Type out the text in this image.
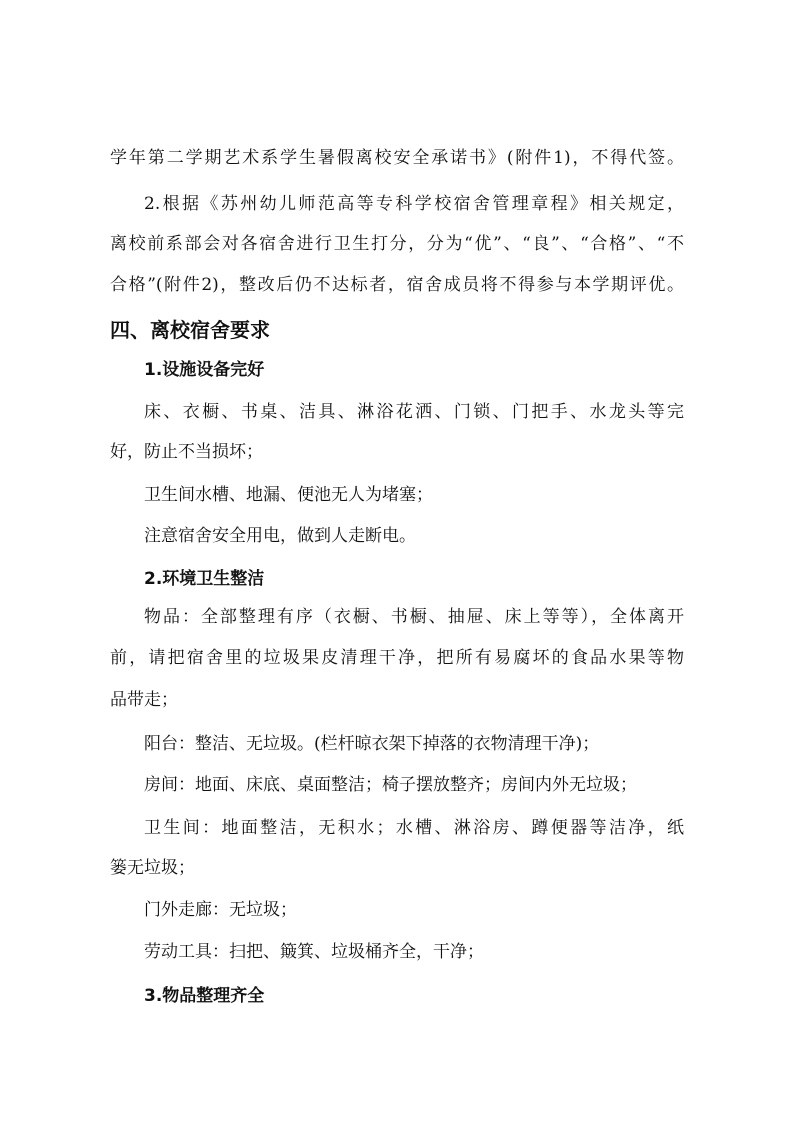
学年第二学期艺术系学生暑假离校安全承诺书》(附件1)，不得代签。
2.根据《苏州幼儿师范高等专科学校宿舍管理章程》相关规定，
离校前系部会对各宿舍进行卫生打分，分为“优”、“良”、“合格”、“不
合格”(附件2)，整改后仍不达标者，宿舍成员将不得参与本学期评优。
四、离校宿舍要求
1.设施设备完好
床、衣橱、书桌、洁具、淋浴花洒、门锁、门把手、水龙头等完
好，防止不当损坏；
卫生间水槽、地漏、便池无人为堵塞；
注意宿舍安全用电，做到人走断电。
2.环境卫生整洁
物品：全部整理有序（衣橱、书橱、抽屉、床上等等），全体离开
前，请把宿舍里的垃圾果皮清理干净，把所有易腐坏的食品水果等物
品带走；
阳台：整洁、无垃圾。(栏杆晾衣架下掉落的衣物清理干净)；
房间：地面、床底、桌面整洁；椅子摆放整齐；房间内外无垃圾；
卫生间：地面整洁，无积水；水槽、淋浴房、蹲便器等洁净，纸
篓无垃圾；
门外走廊：无垃圾；
劳动工具：扫把、簸箕、垃圾桶齐全，干净；
3.物品整理齐全
